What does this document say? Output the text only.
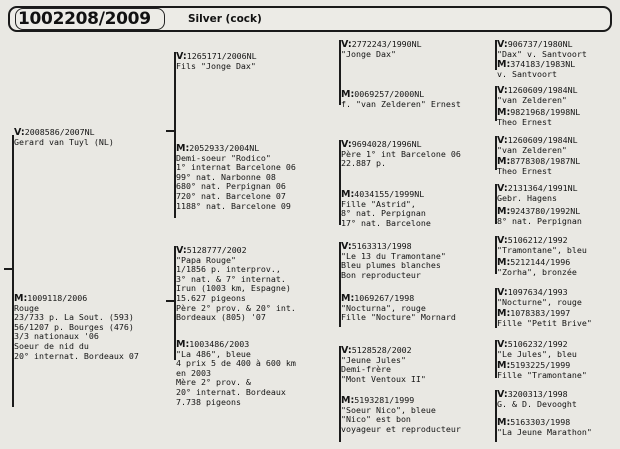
1002208/2009	Silver (cock)
V:2008586/2007NL
Gerard van Tuyl (NL)
M:1009118/2006
Rouge
23/733 p. La Sout. (593)
56/1207 p. Bourges (476)
3/3 nationaux '06
Soeur de nid du
20° internat. Bordeaux 07
V:1265171/2006NL
Fils "Jonge Dax"
M:2052933/2004NL
Demi-soeur "Rodico"
1° internat Barcelone 06
99° nat. Narbonne 08
680° nat. Perpignan 06
720° nat. Barcelone 07
1188° nat. Barcelone 09
V:5128777/2002
"Papa Rouge"
1/1856 p. interprov.,
3° nat. & 7° internat.
Irun (1003 km, Espagne)
15.627 pigeons
Père 2° prov. & 20° int.
Bordeaux (805) '07
M:1003486/2003
"La 486", bleue
4 prix 5 de 400 à 600 km
en 2003
Mère 2° prov. &
20° internat. Bordeaux
7.738 pigeons
V:2772243/1990NL
"Jonge Dax"
M:0069257/2000NL
f. "van Zelderen" Ernest
V:9694028/1996NL
Père 1° int Barcelone 06
22.887 p.
M:4034155/1999NL
Fille "Astrid",
8° nat. Perpignan
17° nat. Barcelone
V:5163313/1998
"Le 13 du Tramontane"
Bleu plumes blanches
Bon reproducteur
M:1069267/1998
"Nocturna", rouge
Fille "Nocture" Mornard
V:5128528/2002
"Jeune Jules"
Demi-frère
"Mont Ventoux II"
M:5193281/1999
"Soeur Nico", bleue
"Nico" est bon
voyageur et reproducteur
V:906737/1980NL
"Dax" v. Santvoort
M:374183/1983NL
v. Santvoort
V:1260609/1984NL
"van Zelderen"
M:9821968/1998NL
Theo Ernest
V:1260609/1984NL
"van Zelderen"
M:8778308/1987NL
Theo Ernest
V:2131364/1991NL
Gebr. Hagens
M:9243780/1992NL
8° nat. Perpignan
V:5106212/1992
"Tramontane", bleu
M:5212144/1996
"Zorha", bronzée
V:1097634/1993
"Nocturne", rouge
M:1078383/1997
Fille "Petit Brive"
V:5106232/1992
"Le Jules", bleu
M:5193225/1999
Fille "Tramontane"
V:3200313/1998
G. & D. Devooght
M:5163303/1998
"La Jeune Marathon"
